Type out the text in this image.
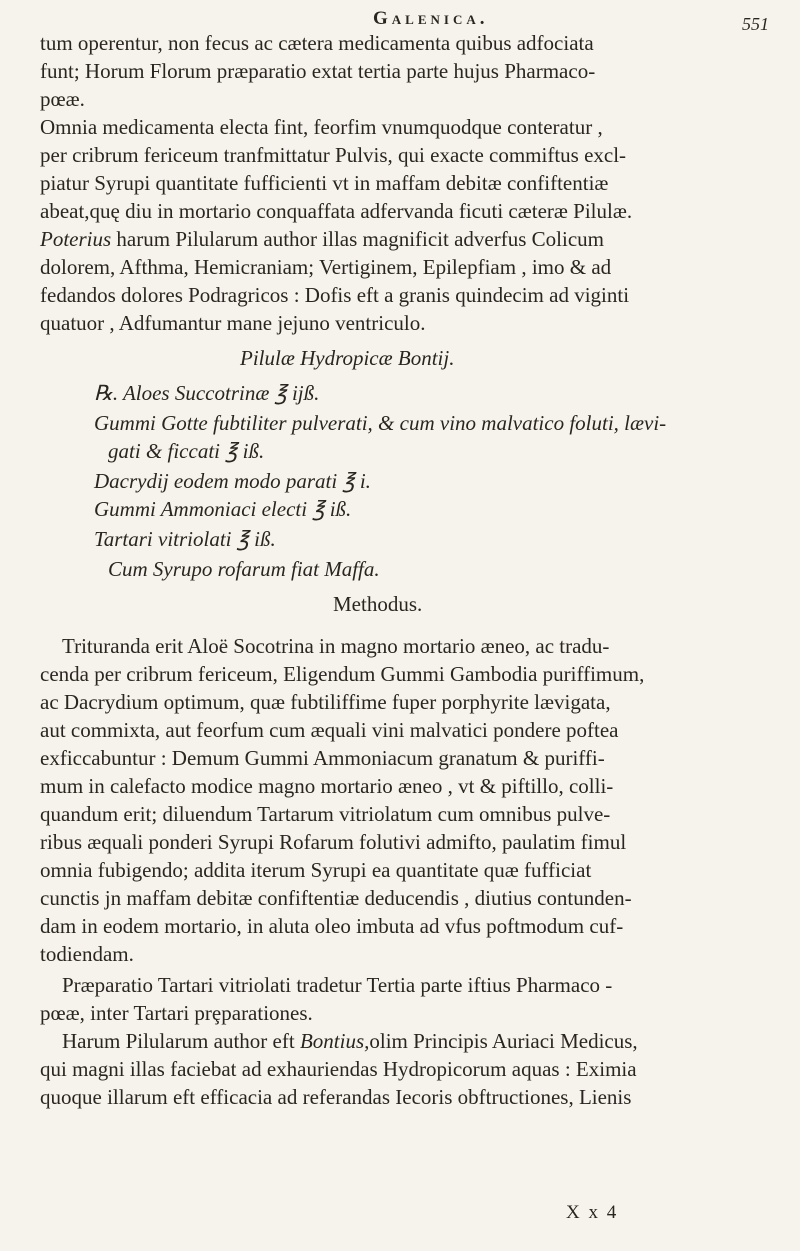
Galenica.	551
tum operentur, non fecus ac cætera medicamenta quibus adfociata
funt; Horum Florum præparatio extat tertia parte hujus Pharmaco-
pœæ.
Omnia medicamenta electa fint, feorfim vnumquodque conteratur ,
per cribrum fericeum tranfmittatur Pulvis, qui exacte commiftus excl-
piatur Syrupi quantitate fufficienti vt in maffam debitæ confiftentiæ
abeat,quę diu in mortario conquaffata adfervanda ficuti cæteræ Pilulæ.
Poterius harum Pilularum author illas magnificit adverfus Colicum
dolorem, Afthma, Hemicraniam; Vertiginem, Epilepfiam , imo & ad
fedandos dolores Podragricos : Dofis eft a granis quindecim ad viginti
quatuor , Adfumantur mane jejuno ventriculo.
Pilulæ Hydropicæ Bontij.
℞. Aloes Succotrinæ ℥ ijß.
Gummi Gotte fubtiliter pulverati, & cum vino malvatico foluti, lævi-
gati & ficcati ℥ iß.
Dacrydij eodem modo parati ℥ i.
Gummi Ammoniaci electi ℥ iß.
Tartari vitriolati ℥ iß.
Cum Syrupo rofarum fiat Maffa.
Methodus.
Trituranda erit Aloë Socotrina in magno mortario æneo, ac tradu-
cenda per cribrum fericeum, Eligendum Gummi Gambodia puriffimum,
ac Dacrydium optimum, quæ fubtiliffime fuper porphyrite lævigata,
aut commixta, aut feorfum cum æquali vini malvatici pondere poftea
exficcabuntur : Demum Gummi Ammoniacum granatum & puriffi-
mum in calefacto modice magno mortario æneo , vt & piftillo, colli-
quandum erit; diluendum Tartarum vitriolatum cum omnibus pulve-
ribus æquali ponderi Syrupi Rofarum folutivi admifto, paulatim fimul
omnia fubigendo; addita iterum Syrupi ea quantitate quæ fufficiat
cunctis jn maffam debitæ confiftentiæ deducendis , diutius contunden-
dam in eodem mortario, in aluta oleo imbuta ad vfus poftmodum cuf-
todiendam.
Præparatio Tartari vitriolati tradetur Tertia parte iftius Pharmaco -
pœæ, inter Tartari prȩparationes.
Harum Pilularum author eft Bontius,olim Principis Auriaci Medicus,
qui magni illas faciebat ad exhauriendas Hydropicorum aquas : Eximia
quoque illarum eft efficacia ad referandas Iecoris obftructiones, Lienis
X x 4
